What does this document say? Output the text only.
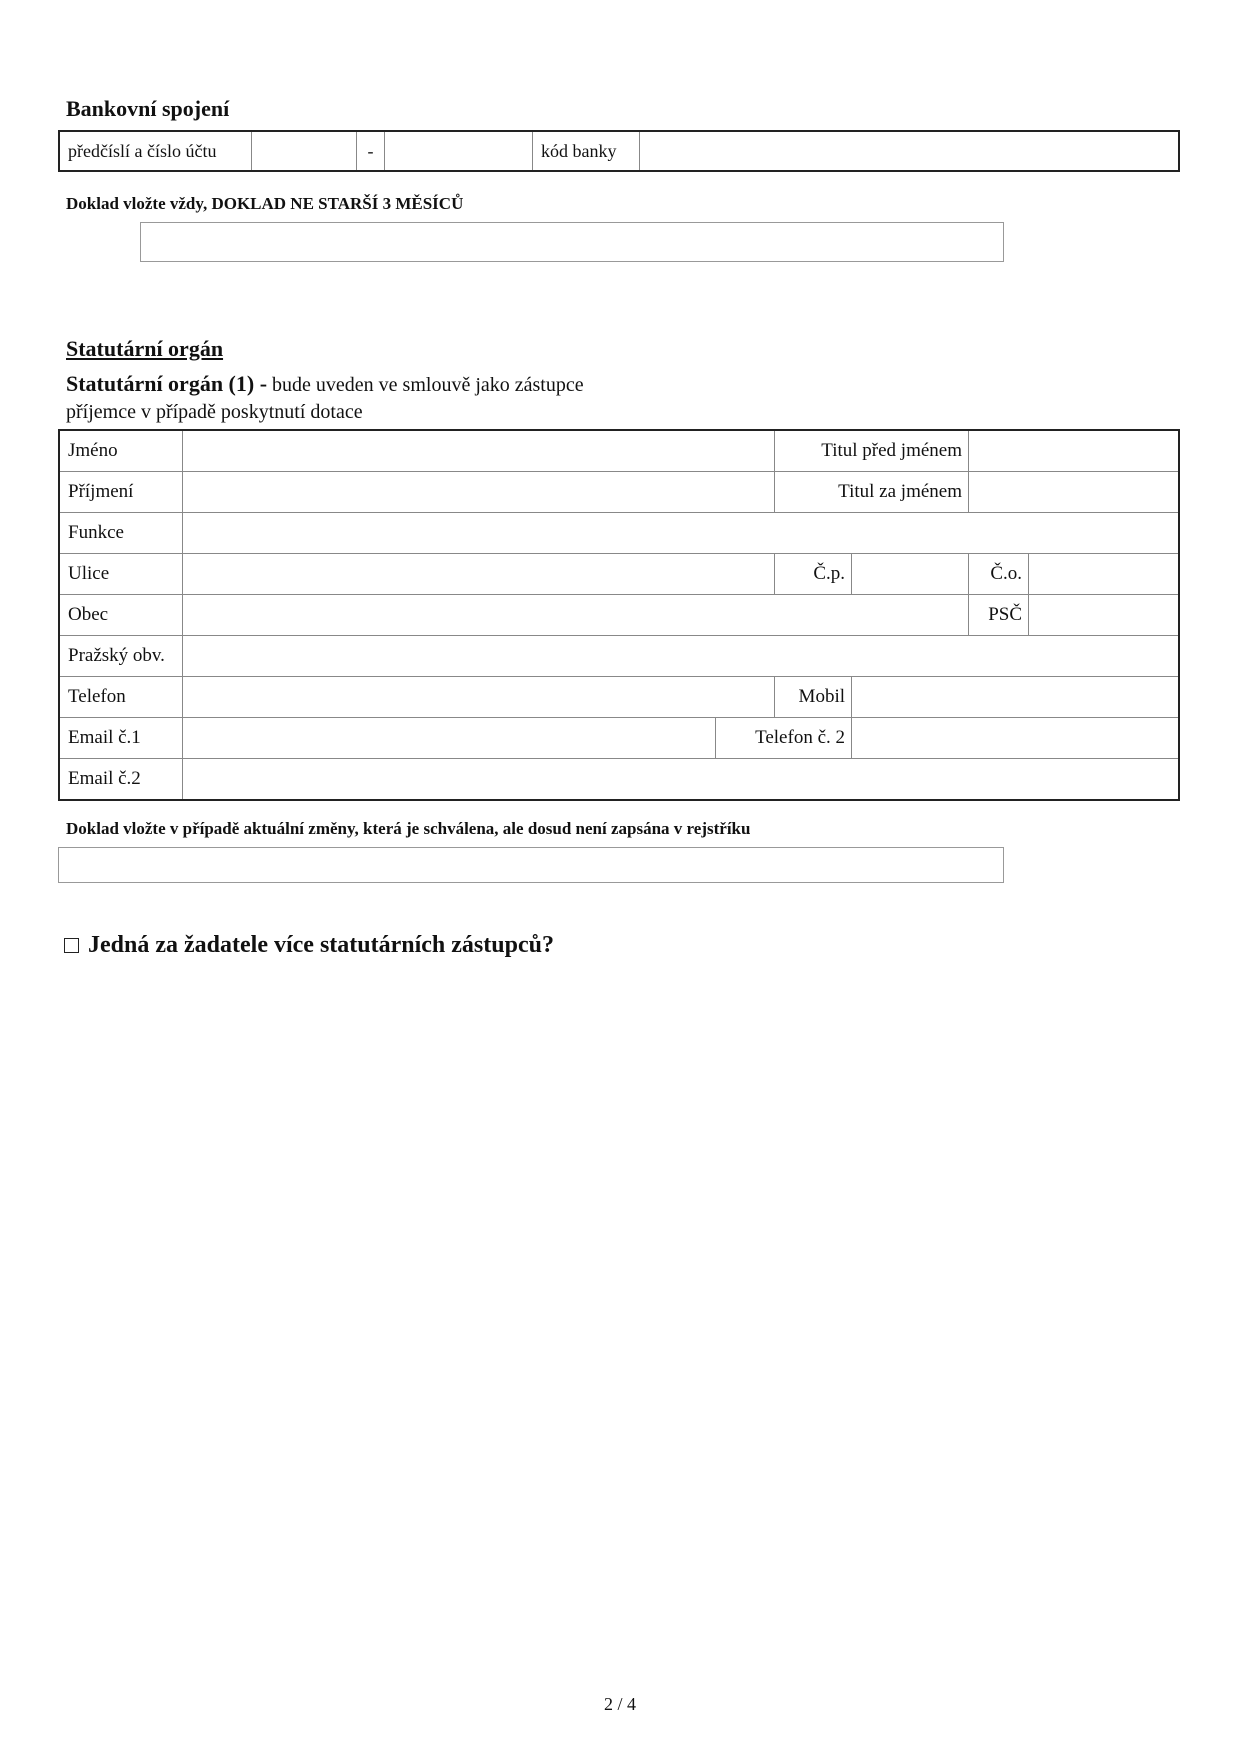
Bankovní spojení
předčíslí a číslo účtu	-	kód banky
Doklad vložte vždy, DOKLAD NE STARŠÍ 3 MĚSÍCŮ
Statutární orgán
Statutární orgán (1) - bude uveden ve smlouvě jako zástupce
příjemce v případě poskytnutí dotace
Jméno	Titul před jménem
Příjmení	Titul za jménem
Funkce
Ulice	Č.p.	Č.o.
Obec	PSČ
Pražský obv.
Telefon	Mobil
Email č.1	Telefon č. 2
Email č.2
Doklad vložte v případě aktuální změny, která je schválena, ale dosud není zapsána v rejstříku
Jedná za žadatele více statutárních zástupců?
2 / 4
